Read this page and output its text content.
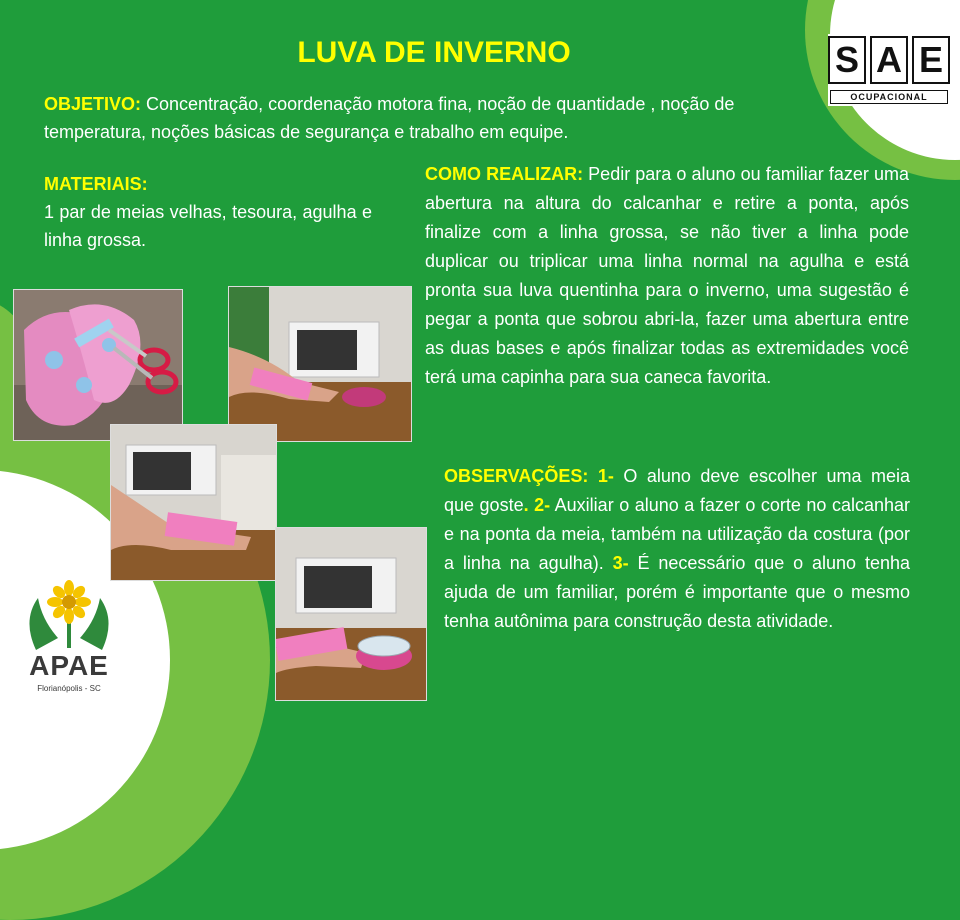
LUVA DE INVERNO
OBJETIVO: Concentração, coordenação motora fina, noção de quantidade , noção de temperatura, noções básicas de segurança e trabalho em equipe.
MATERIAIS:
1 par de meias velhas, tesoura, agulha e linha grossa.
COMO REALIZAR: Pedir para o aluno ou familiar fazer uma abertura na altura do calcanhar e retire a ponta, após finalize com a linha grossa, se não tiver a linha pode duplicar ou triplicar uma linha normal na agulha e está pronta sua luva quentinha para o inverno, uma sugestão é pegar a ponta que sobrou abri-la, fazer uma abertura entre as duas bases e após finalizar todas as extremidades você terá uma capinha para sua caneca favorita.
OBSERVAÇÕES: 1- O aluno deve escolher uma meia que goste. 2- Auxiliar o aluno a fazer o corte no calcanhar e na ponta da meia, também na utilização da costura (por a linha na agulha). 3- É necessário que o aluno tenha ajuda de um familiar, porém é importante que o mesmo tenha autônima para construção desta atividade.
S A E
OCUPACIONAL
APAE
Florianópolis - SC
